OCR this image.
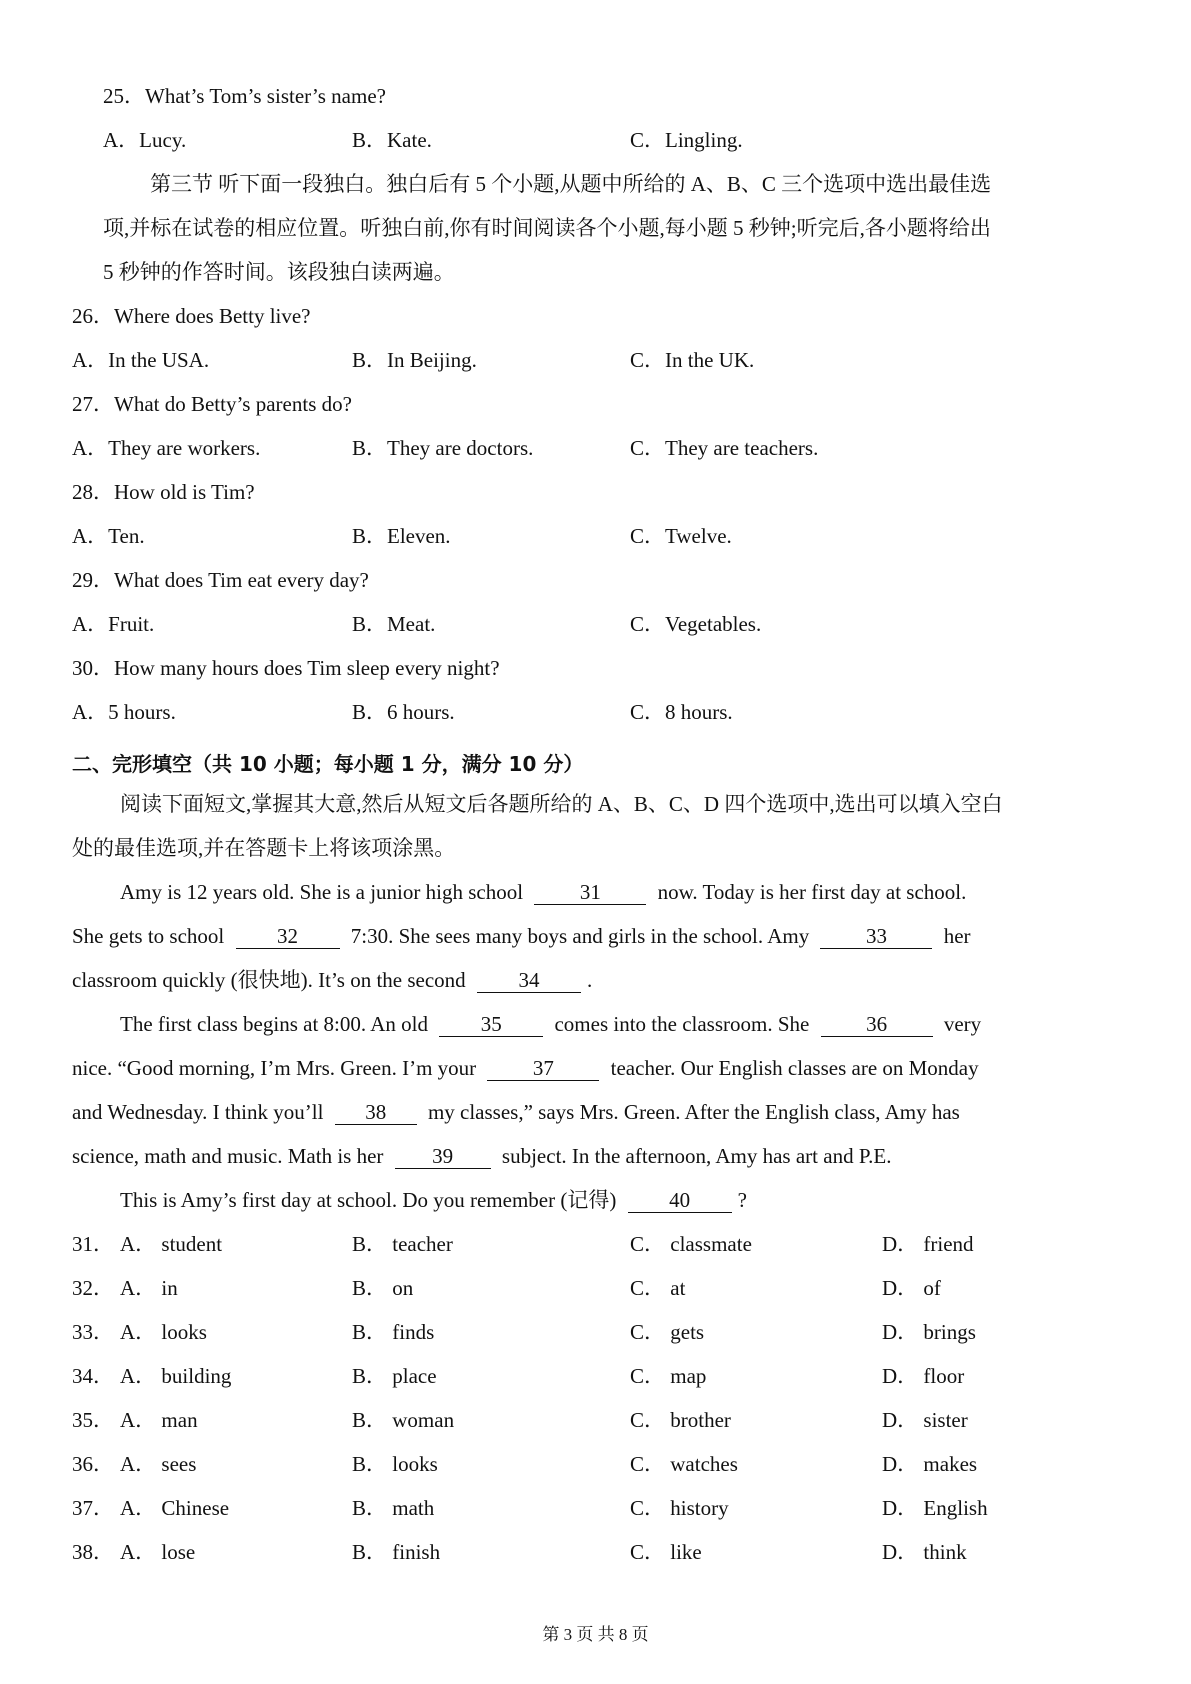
25．What’s Tom’s sister’s name?
A．Lucy.	B．Kate.	C．Lingling.
第三节 听下面一段独白。独白后有 5 个小题,从题中所给的 A、B、C 三个选项中选出最佳选
项,并标在试卷的相应位置。听独白前,你有时间阅读各个小题,每小题 5 秒钟;听完后,各小题将给出
5 秒钟的作答时间。该段独白读两遍。
26．Where does Betty live?
A．In the USA.	B．In Beijing.	C．In the UK.
27．What do Betty’s parents do?
A．They are workers.	B．They are doctors.	C．They are teachers.
28．How old is Tim?
A．Ten.	B．Eleven.	C．Twelve.
29．What does Tim eat every day?
A．Fruit.	B．Meat.	C．Vegetables.
30．How many hours does Tim sleep every night?
A．5 hours.	B．6 hours.	C．8 hours.
二、完形填空（共 10 小题；每小题 1 分，满分 10 分）
阅读下面短文,掌握其大意,然后从短文后各题所给的 A、B、C、D 四个选项中,选出可以填入空白
处的最佳选项,并在答题卡上将该项涂黑。
Amy is 12 years old. She is a junior high school	31	now. Today is her first day at school.
She gets to school	32	7:30. She sees many boys and girls in the school. Amy	33	her
classroom quickly (很快地). It’s on the second	34 .
The first class begins at 8:00. An old	35	comes into the classroom. She	36	very
nice. “Good morning, I’m Mrs. Green. I’m your	37	teacher. Our English classes are on Monday
and Wednesday. I think you’ll 38 my classes,” says Mrs. Green. After the English class, Amy has
science, math and music. Math is her 39 subject. In the afternoon, Amy has art and P.E.
This is Amy’s first day at school. Do you remember (记得)	40 ?
31． A． student	B． teacher	C． classmate	D． friend
32． A． in	B． on	C． at	D． of
33． A． looks	B． finds	C． gets	D． brings
34． A． building	B． place	C． map	D． floor
35． A． man	B． woman	C． brother	D． sister
36． A． sees	B． looks	C． watches	D． makes
37． A． Chinese	B． math	C． history	D． English
38． A． lose	B． finish	C． like	D． think
第 3 页 共 8 页
